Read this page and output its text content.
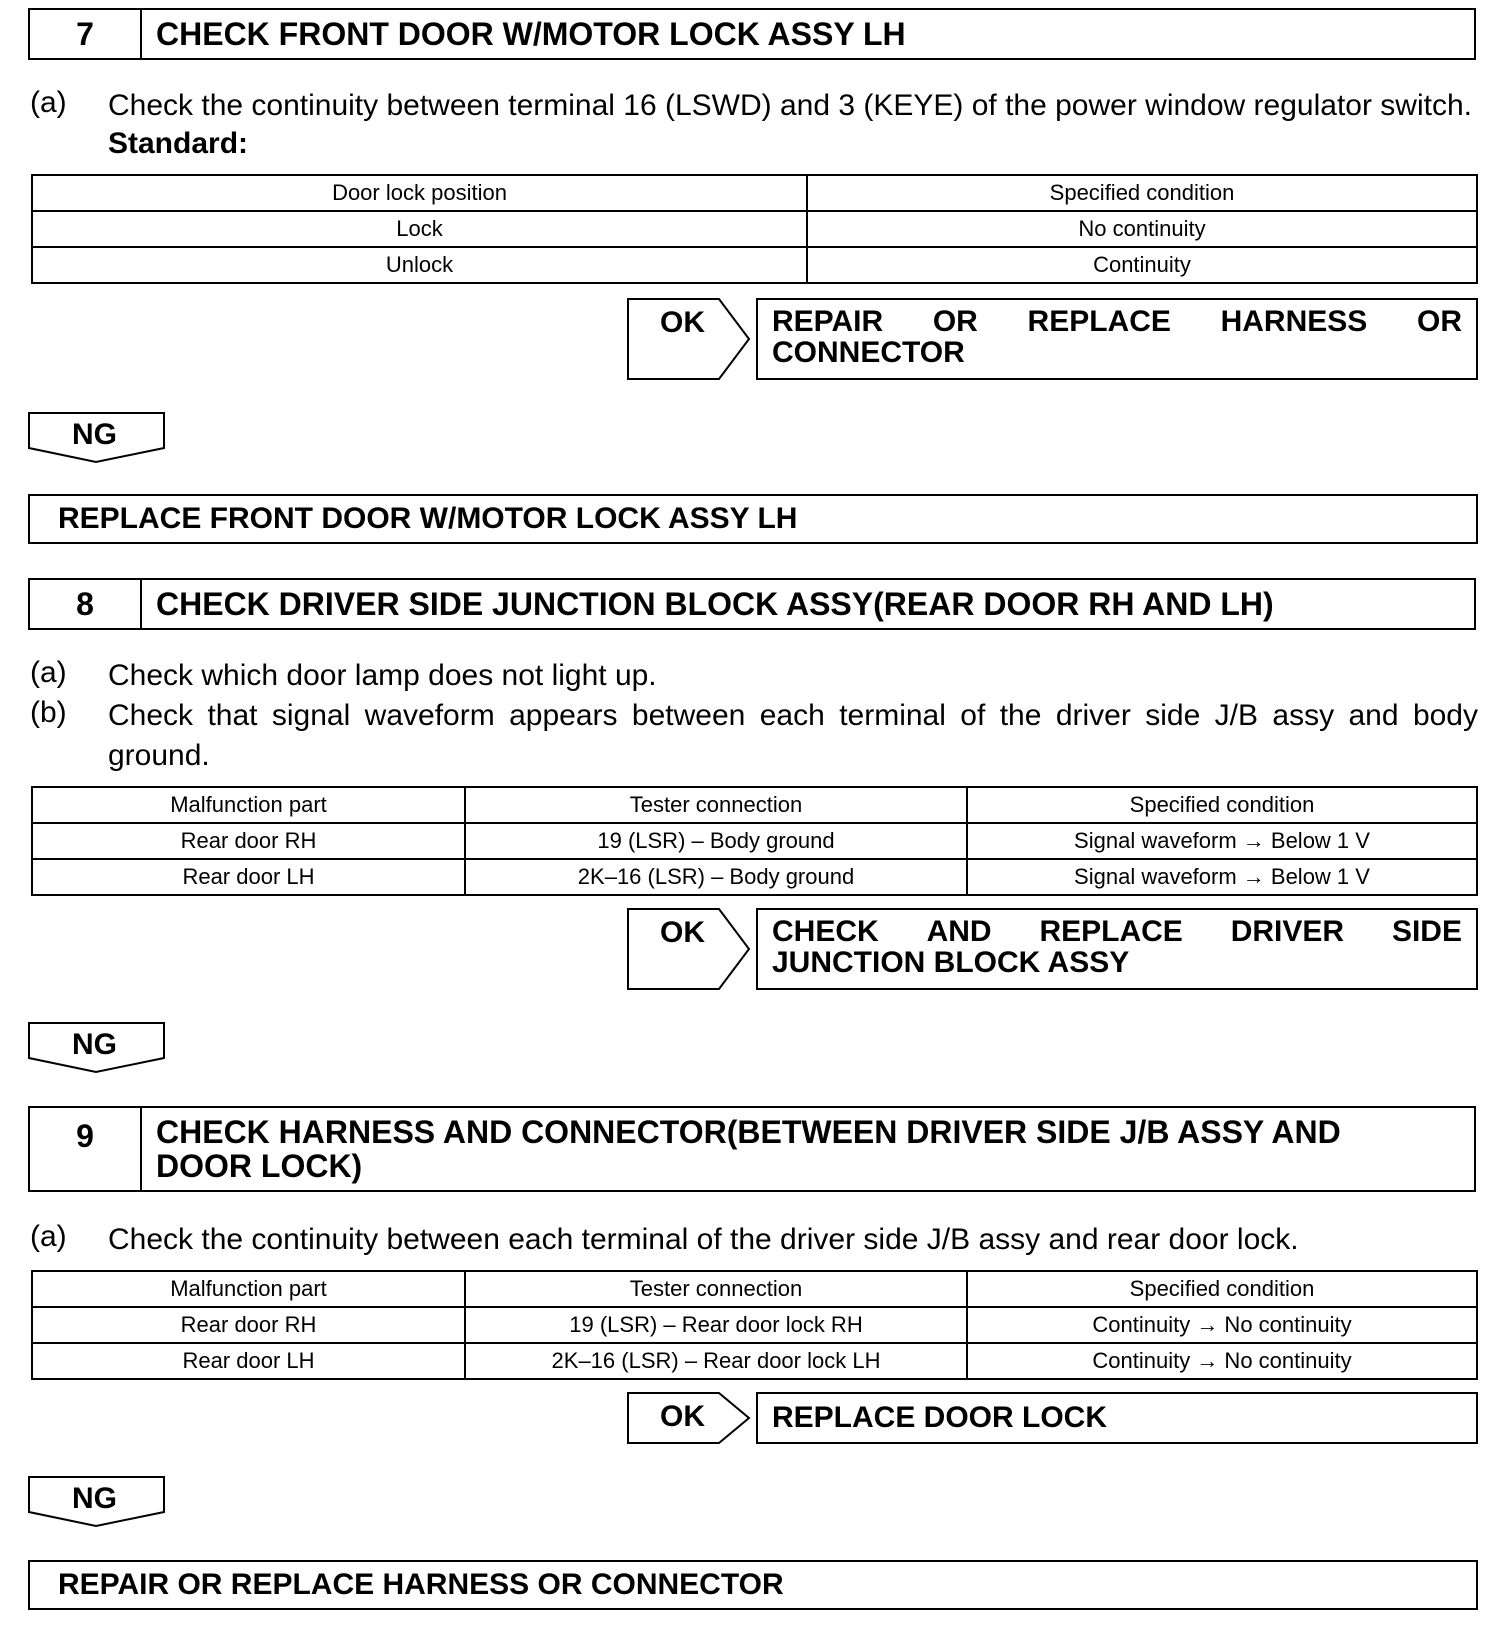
7	CHECK FRONT DOOR W/MOTOR LOCK ASSY LH
(a) Check the continuity between terminal 16 (LSWD) and 3 (KEYE) of the power window regulator switch.
Standard:
Door lock position	Specified condition
Lock	No continuity
Unlock	Continuity
OK REPAIR OR REPLACE HARNESS OR
CONNECTOR
NG
REPLACE FRONT DOOR W/MOTOR LOCK ASSY LH
8	CHECK DRIVER SIDE JUNCTION BLOCK ASSY(REAR DOOR RH AND LH)
(a) Check which door lamp does not light up.
(b) Check that signal waveform appears between each terminal of the driver side J/B assy and body
ground.
Malfunction part	Tester connection	Specified condition
Rear door RH	19 (LSR) – Body ground	Signal waveform → Below 1 V
Rear door LH	2K–16 (LSR) – Body ground	Signal waveform → Below 1 V
OK CHECK AND REPLACE DRIVER SIDE
JUNCTION BLOCK ASSY
NG
9	CHECK HARNESS AND CONNECTOR(BETWEEN DRIVER SIDE J/B ASSY AND
DOOR LOCK)
(a) Check the continuity between each terminal of the driver side J/B assy and rear door lock.
Malfunction part	Tester connection	Specified condition
Rear door RH	19 (LSR) – Rear door lock RH	Continuity → No continuity
Rear door LH	2K–16 (LSR) – Rear door lock LH	Continuity → No continuity
OK	REPLACE DOOR LOCK
NG
REPAIR OR REPLACE HARNESS OR CONNECTOR
